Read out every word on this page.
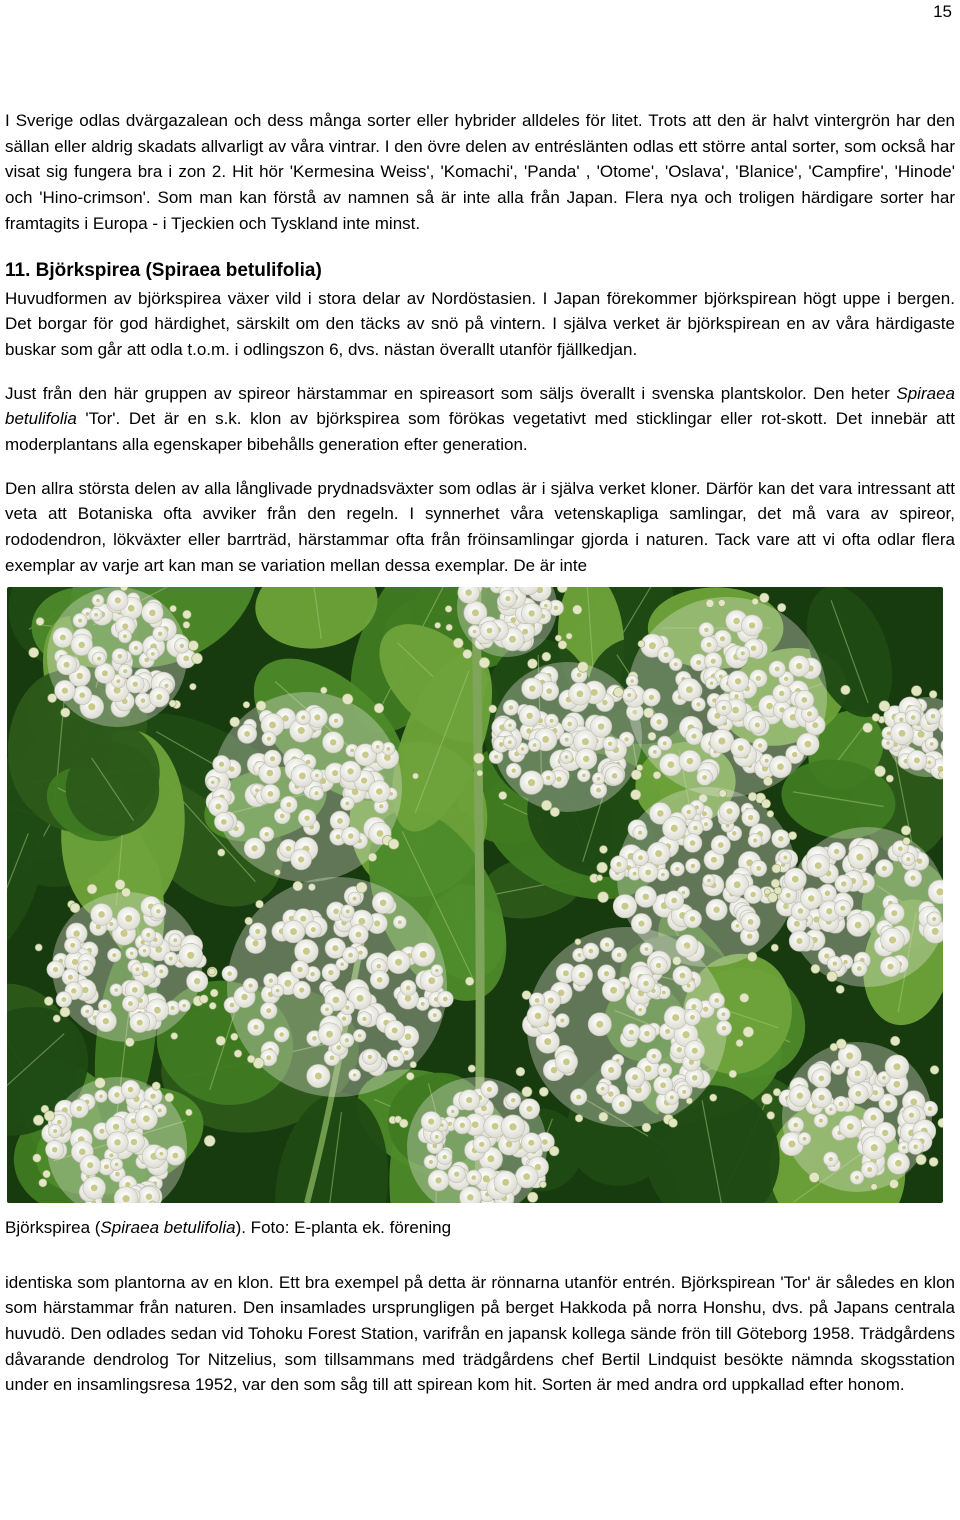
15

I Sverige odlas dvärgazalean och dess många sorter eller hybrider alldeles för litet. Trots att den är halvt vintergrön har den sällan eller aldrig skadats allvarligt av våra vintrar. I den övre delen av entréslänten odlas ett större antal sorter, som också har visat sig fungera bra i zon 2. Hit hör 'Kermesina Weiss', 'Komachi', 'Panda' , 'Otome', 'Oslava', 'Blanice', 'Campfire', 'Hinode' och 'Hino-crimson'. Som man kan förstå av namnen så är inte alla från Japan. Flera nya och troligen härdigare sorter har framtagits i Europa - i Tjeckien och Tyskland inte minst.

11. Björkspirea (Spiraea betulifolia)

Huvudformen av björkspirea växer vild i stora delar av Nordöstasien. I Japan förekommer björkspirean högt uppe i bergen. Det borgar för god härdighet, särskilt om den täcks av snö på vintern. I själva verket är björkspirean en av våra härdigaste buskar som går att odla t.o.m. i odlingszon 6, dvs. nästan överallt utanför fjällkedjan.

Just från den här gruppen av spireor härstammar en spireasort som säljs överallt i svenska plantskolor. Den heter Spiraea betulifolia 'Tor'. Det är en s.k. klon av björkspirea som förökas vegetativt med sticklingar eller rot-skott. Det innebär att moderplantans alla egenskaper bibehålls generation efter generation.

Den allra största delen av alla långlivade prydnadsväxter som odlas är i själva verket kloner. Därför kan det vara intressant att veta att Botaniska ofta avviker från den regeln. I synnerhet våra vetenskapliga samlingar, det må vara av spireor, rododendron, lökväxter eller barrträd, härstammar ofta från fröinsamlingar gjorda i naturen. Tack vare att vi ofta odlar flera exemplar av varje art kan man se variation mellan dessa exemplar. De är inte

Björkspirea (Spiraea betulifolia). Foto: E-planta ek. förening

identiska som plantorna av en klon. Ett bra exempel på detta är rönnarna utanför entrén. Björkspirean 'Tor' är således en klon som härstammar från naturen. Den insamlades ursprungligen på berget Hakkoda på norra Honshu, dvs. på Japans centrala huvudö. Den odlades sedan vid Tohoku Forest Station, varifrån en japansk kollega sände frön till Göteborg 1958. Trädgårdens dåvarande dendrolog Tor Nitzelius, som tillsammans med trädgårdens chef Bertil Lindquist besökte nämnda skogsstation under en insamlingsresa 1952, var den som såg till att spirean kom hit. Sorten är med andra ord uppkallad efter honom.
